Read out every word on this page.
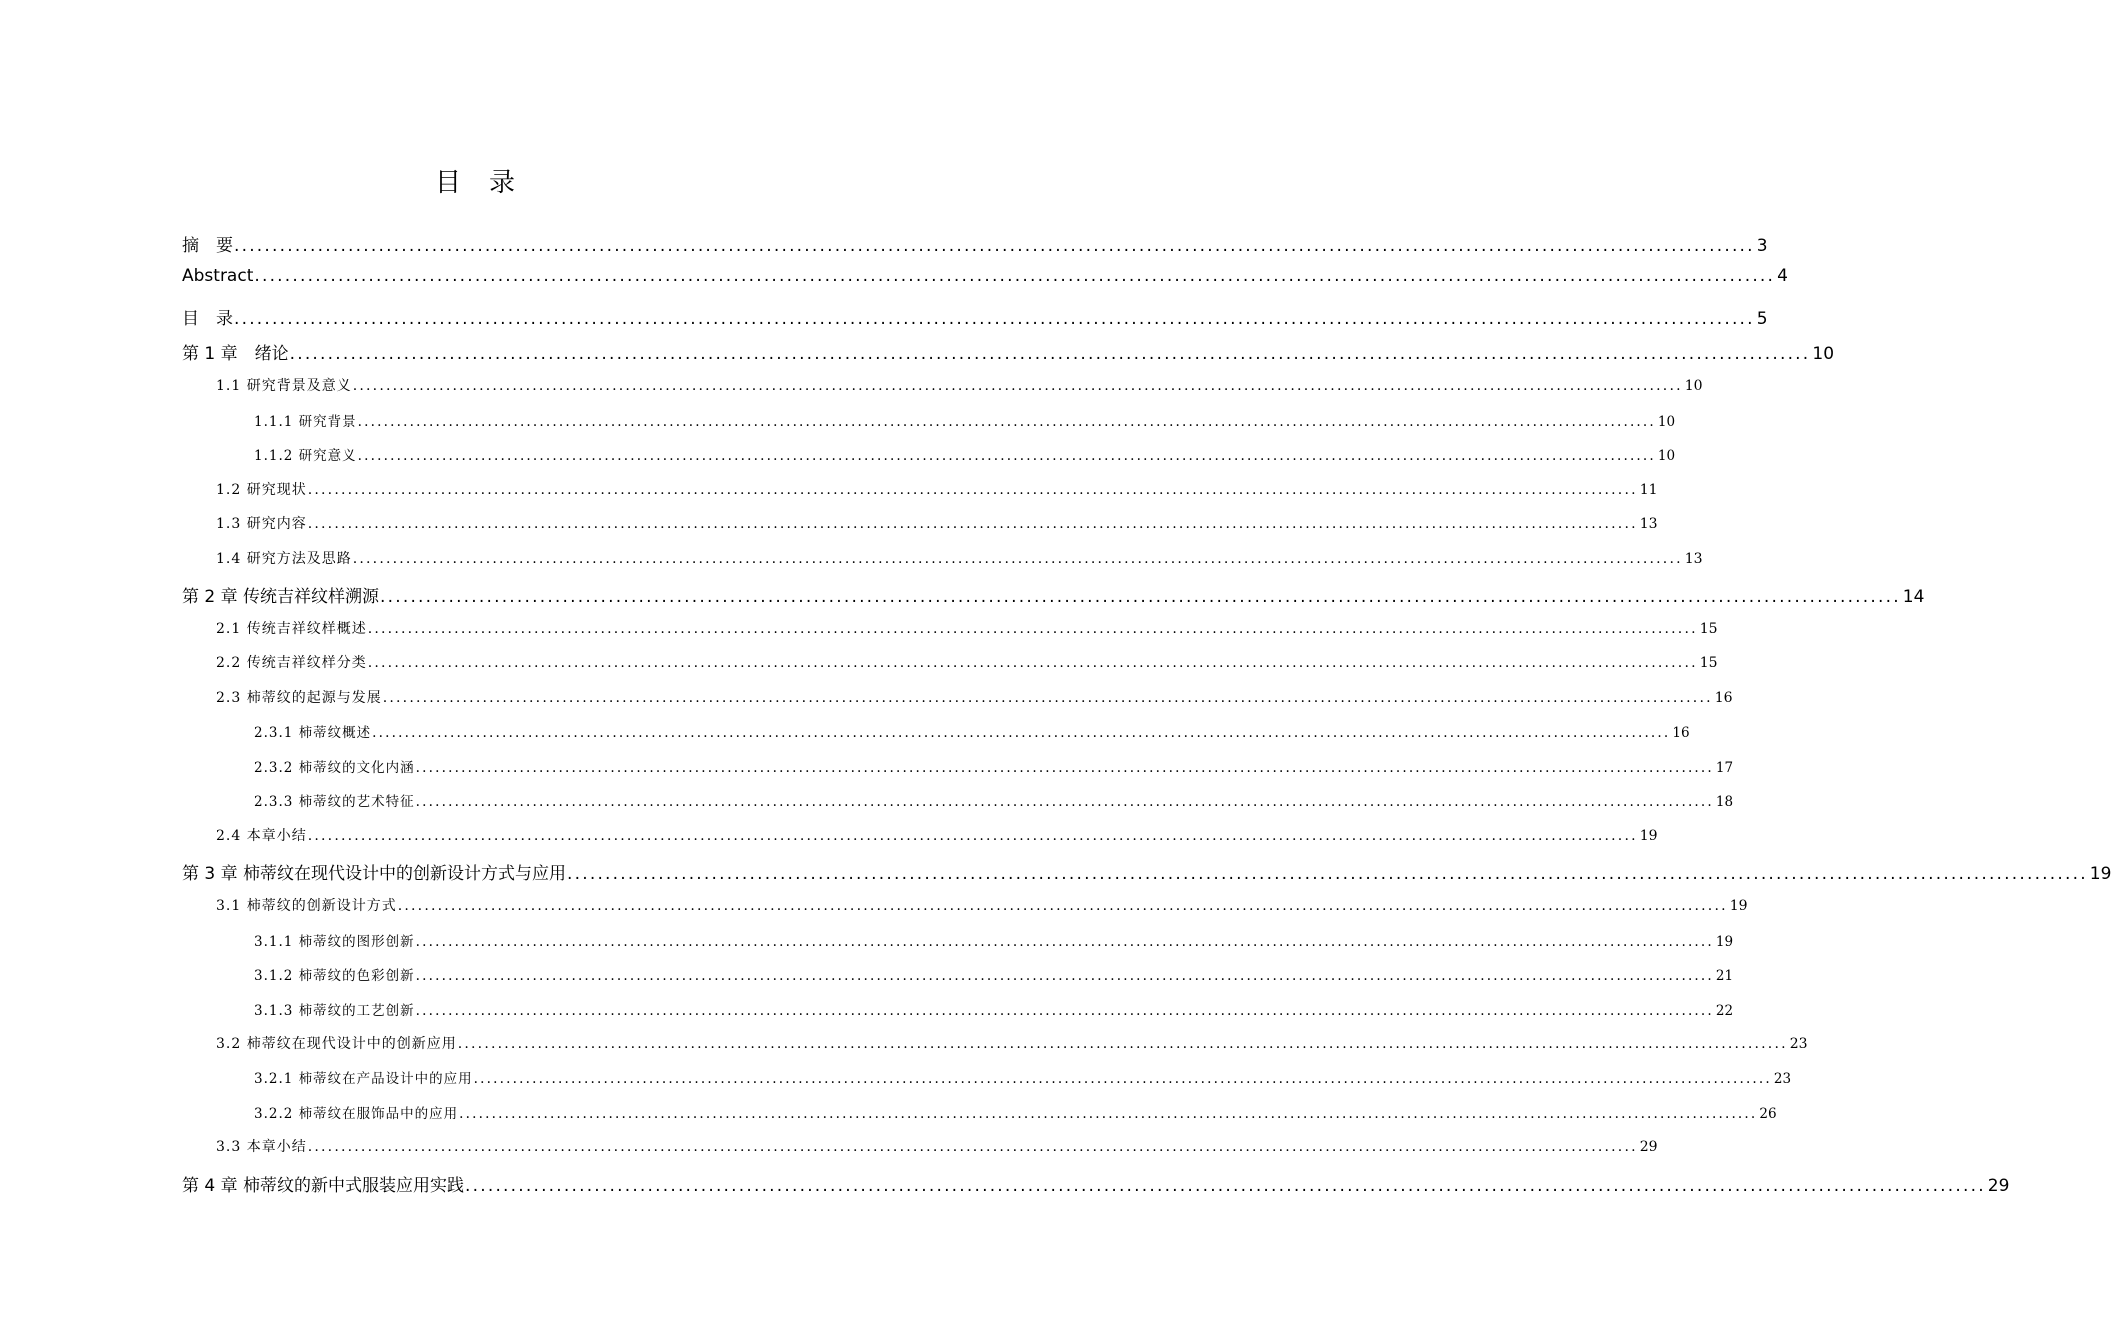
目录
摘　要 ........................................................................................................................................................................................................ 3
Abstract ........................................................................................................................................................................................................ 4
目　录 ........................................................................................................................................................................................................ 5
第 1 章　绪论 ........................................................................................................................................................................................................ 10
1.1 研究背景及意义 ........................................................................................................................................................................................................ 10
1.1.1 研究背景 ........................................................................................................................................................................................................ 10
1.1.2 研究意义 ........................................................................................................................................................................................................ 10
1.2 研究现状 ........................................................................................................................................................................................................ 11
1.3 研究内容 ........................................................................................................................................................................................................ 13
1.4 研究方法及思路 ........................................................................................................................................................................................................ 13
第 2 章 传统吉祥纹样溯源 ........................................................................................................................................................................................................ 14
2.1 传统吉祥纹样概述 ........................................................................................................................................................................................................ 15
2.2 传统吉祥纹样分类 ........................................................................................................................................................................................................ 15
2.3 柿蒂纹的起源与发展 ........................................................................................................................................................................................................ 16
2.3.1 柿蒂纹概述 ........................................................................................................................................................................................................ 16
2.3.2 柿蒂纹的文化内涵 ........................................................................................................................................................................................................ 17
2.3.3 柿蒂纹的艺术特征 ........................................................................................................................................................................................................ 18
2.4 本章小结 ........................................................................................................................................................................................................ 19
第 3 章 柿蒂纹在现代设计中的创新设计方式与应用 ........................................................................................................................................................................................................ 19
3.1 柿蒂纹的创新设计方式 ........................................................................................................................................................................................................ 19
3.1.1 柿蒂纹的图形创新 ........................................................................................................................................................................................................ 19
3.1.2 柿蒂纹的色彩创新 ........................................................................................................................................................................................................ 21
3.1.3 柿蒂纹的工艺创新 ........................................................................................................................................................................................................ 22
3.2 柿蒂纹在现代设计中的创新应用 ........................................................................................................................................................................................................ 23
3.2.1 柿蒂纹在产品设计中的应用 ........................................................................................................................................................................................................ 23
3.2.2 柿蒂纹在服饰品中的应用 ........................................................................................................................................................................................................ 26
3.3 本章小结 ........................................................................................................................................................................................................ 29
第 4 章 柿蒂纹的新中式服装应用实践 ........................................................................................................................................................................................................ 29
